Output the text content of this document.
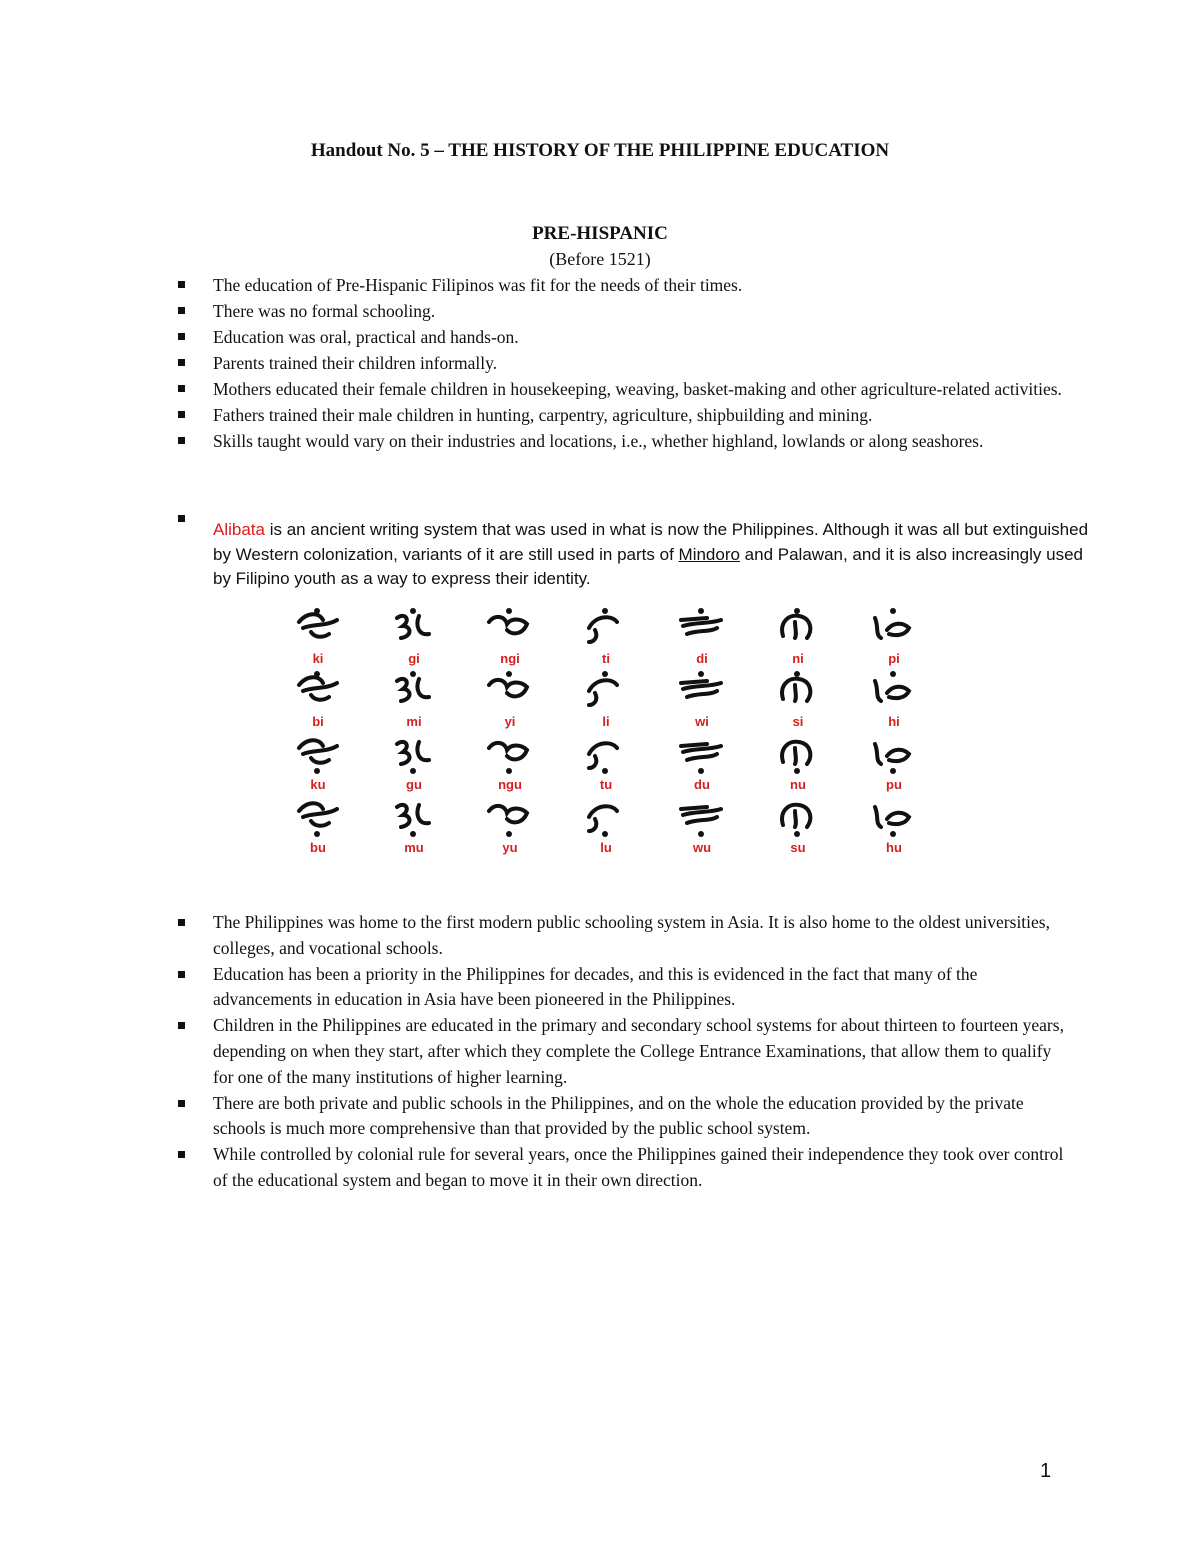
Handout No. 5 – THE HISTORY OF THE PHILIPPINE EDUCATION
PRE-HISPANIC
(Before 1521)
The education of Pre-Hispanic Filipinos was fit for the needs of their times.
There was no formal schooling.
Education was oral, practical and hands-on.
Parents trained their children informally.
Mothers educated their female children in housekeeping, weaving, basket-making and other agriculture-related activities.
Fathers trained their male children in hunting, carpentry, agriculture, shipbuilding and mining.
Skills taught would vary on their industries and locations, i.e., whether highland, lowlands or along seashores.
Alibata is an ancient writing system that was used in what is now the Philippines. Although it was all but extinguished by Western colonization, variants of it are still used in parts of Mindoro and Palawan, and it is also increasingly used by Filipino youth as a way to express their identity.
ki	gi	ngi	ti	di	ni	pi
bi	mi	yi	li	wi	si	hi
ku	gu	ngu	tu	du	nu	pu
bu	mu	yu	lu	wu	su	hu
The Philippines was home to the first modern public schooling system in Asia. It is also home to the oldest universities, colleges, and vocational schools.
Education has been a priority in the Philippines for decades, and this is evidenced in the fact that many of the advancements in education in Asia have been pioneered in the Philippines.
Children in the Philippines are educated in the primary and secondary school systems for about thirteen to fourteen years, depending on when they start, after which they complete the College Entrance Examinations, that allow them to qualify for one of the many institutions of higher learning.
There are both private and public schools in the Philippines, and on the whole the education provided by the private schools is much more comprehensive than that provided by the public school system.
While controlled by colonial rule for several years, once the Philippines gained their independence they took over control of the educational system and began to move it in their own direction.
1
